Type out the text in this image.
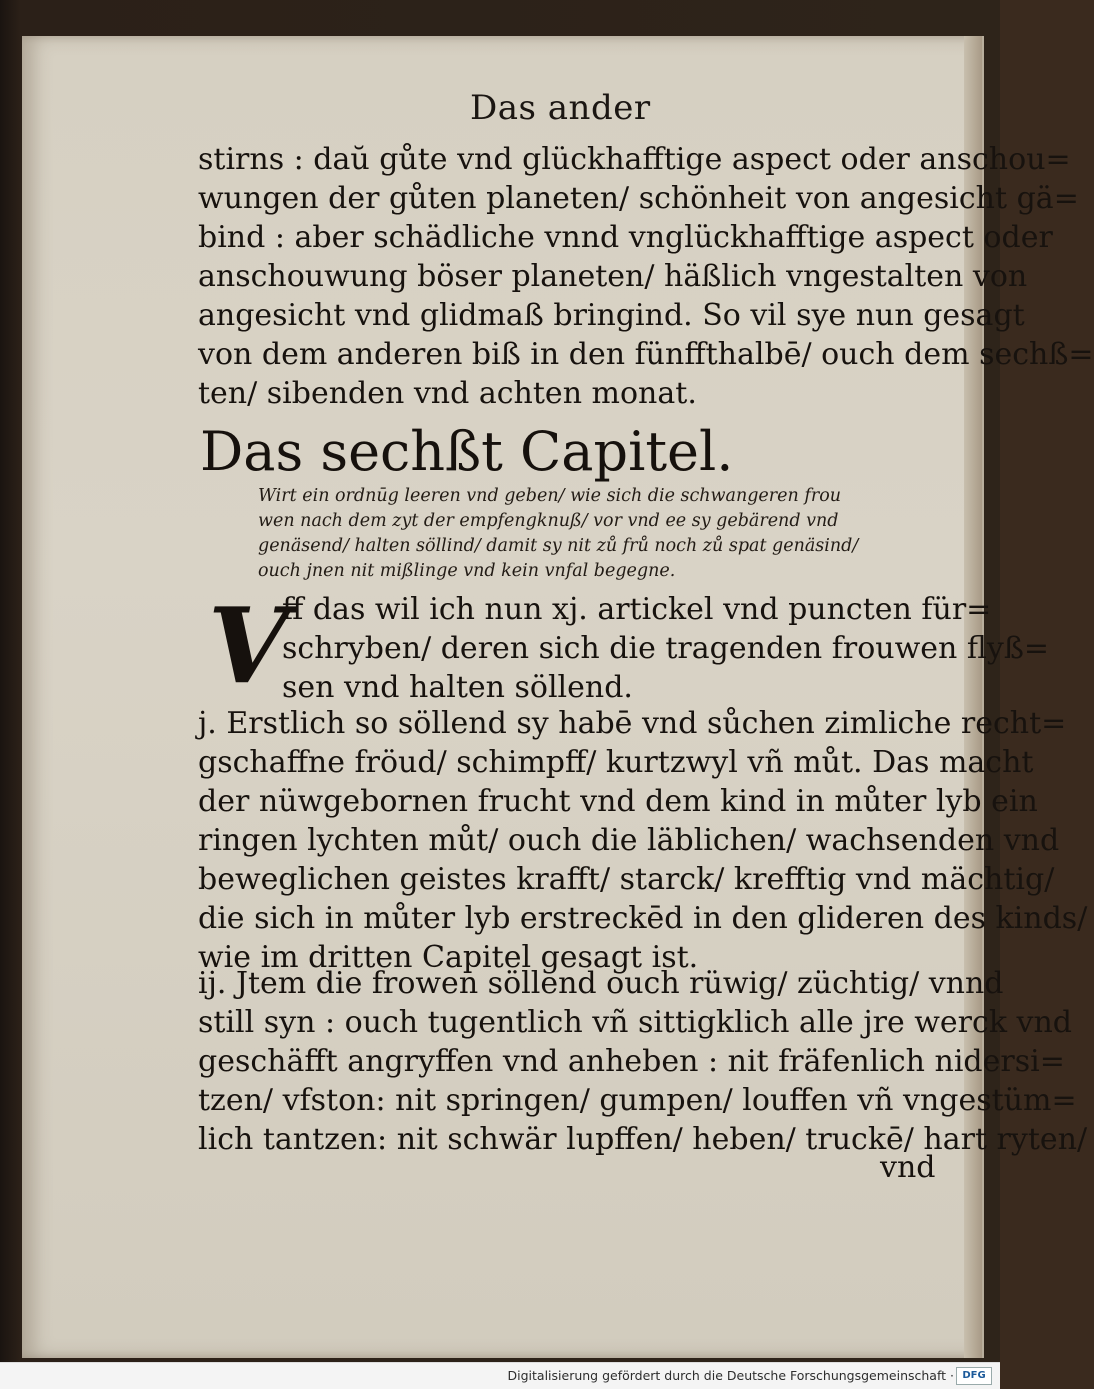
Das ander
stirns : daŭ gůte vnd glückhafftige aspect oder anschou=
wungen der gůten planeten/ schönheit von angesicht gä=
bind : aber schädliche vnnd vnglückhafftige aspect oder
anschouwung böser planeten/ häßlich vngestalten von
angesicht vnd glidmaß bringind. So vil sye nun gesagt
von dem anderen biß in den fünffthalbē/ ouch dem sechß=
ten/ sibenden vnd achten monat.
Das sechßt Capitel.
Wirt ein ordnūg leeren vnd geben/ wie sich die schwangeren frou
wen nach dem zyt der empfengknuß/ vor vnd ee sy gebärend vnd
genäsend/ halten söllind/ damit sy nit zů frů noch zů spat genäsind/
ouch jnen nit mißlinge vnd kein vnfal begegne.
V
ff das wil ich nun xj. artickel vnd puncten für=
schryben/ deren sich die tragenden frouwen flyß=
sen vnd halten söllend.
j. Erstlich so söllend sy habē vnd sůchen zimliche recht=
gschaffne fröud/ schimpff/ kurtzwyl vñ můt. Das macht
der nüwgebornen frucht vnd dem kind in můter lyb ein
ringen lychten můt/ ouch die läblichen/ wachsenden vnd
beweglichen geistes krafft/ starck/ krefftig vnd mächtig/
die sich in můter lyb erstreckēd in den glideren des kinds/
wie im dritten Capitel gesagt ist.
ij. Jtem die frowen söllend ouch rüwig/ züchtig/ vnnd
still syn : ouch tugentlich vñ sittigklich alle jre werck vnd
geschäfft angryffen vnd anheben : nit fräfenlich nidersi=
tzen/ vfston: nit springen/ gumpen/ louffen vñ vngestüm=
lich tantzen: nit schwär lupffen/ heben/ truckē/ hart ryten/
vnd
Digitalisierung gefördert durch die Deutsche Forschungsgemeinschaft · DFG
